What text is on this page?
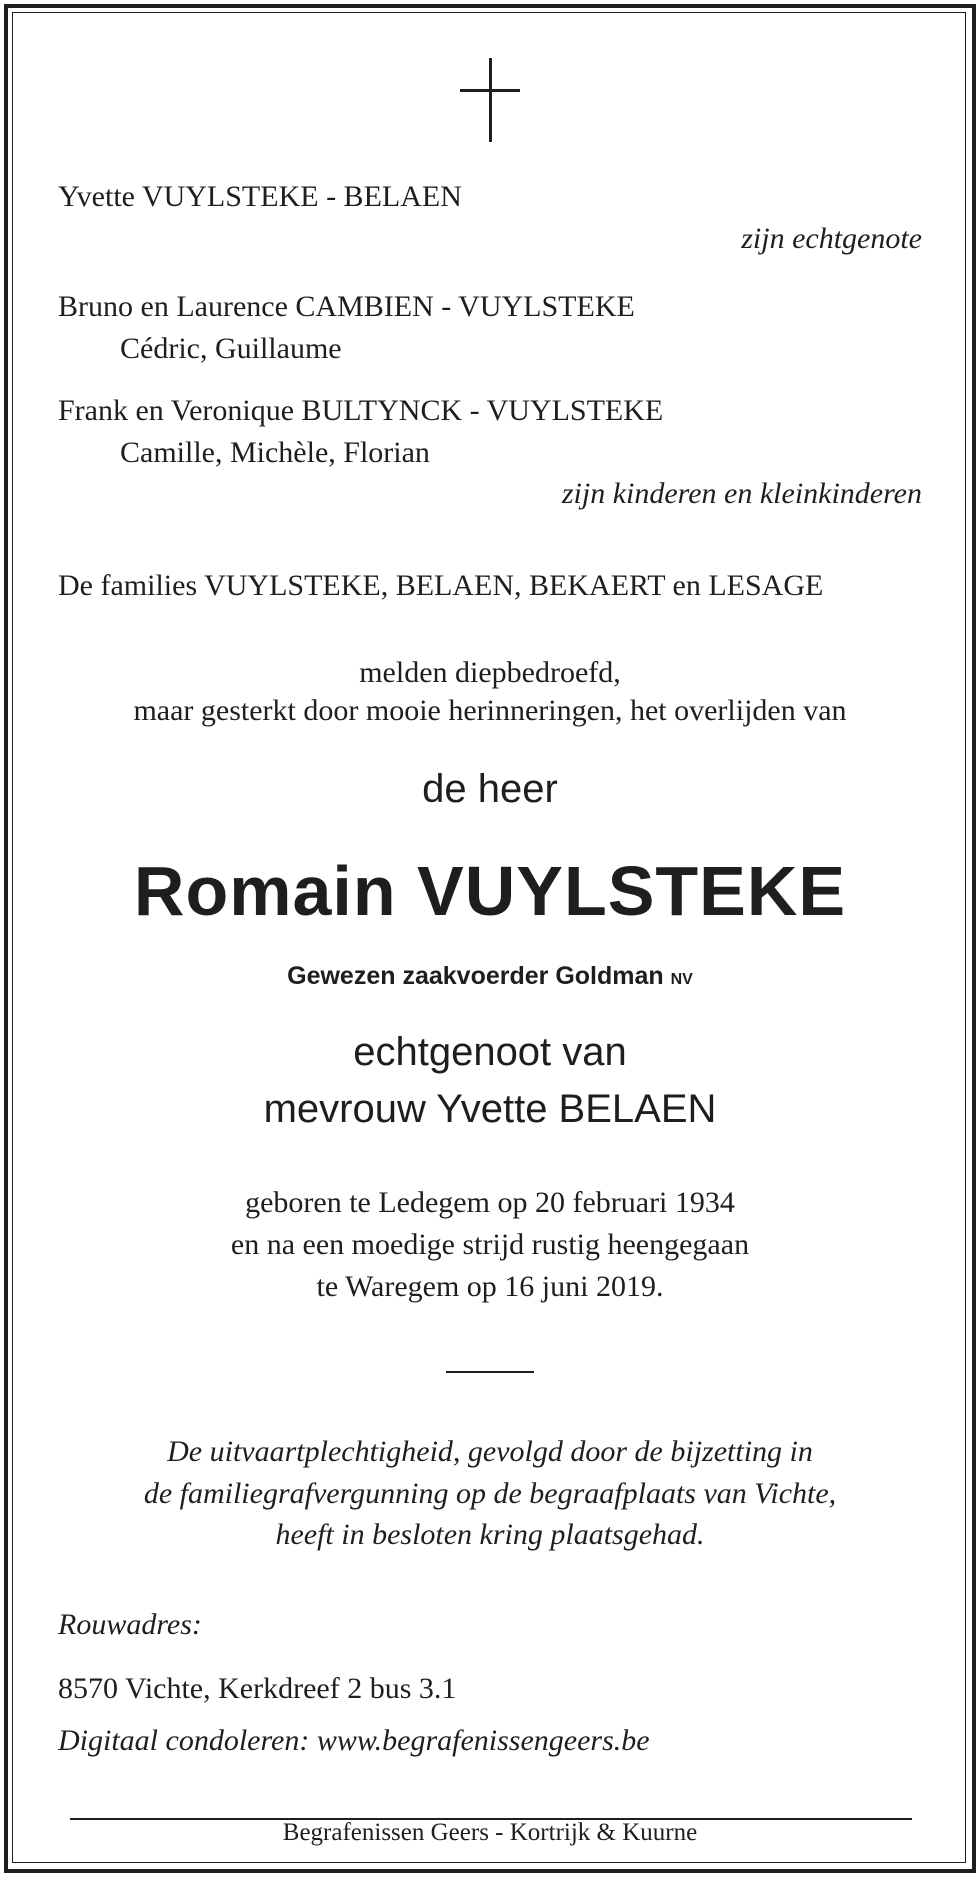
Yvette VUYLSTEKE - BELAEN
zijn echtgenote
Bruno en Laurence CAMBIEN - VUYLSTEKE
Cédric, Guillaume
Frank en Veronique BULTYNCK - VUYLSTEKE
Camille, Michèle, Florian
zijn kinderen en kleinkinderen
De families VUYLSTEKE, BELAEN, BEKAERT en LESAGE
melden diepbedroefd,
maar gesterkt door mooie herinneringen, het overlijden van
de heer
Romain VUYLSTEKE
Gewezen zaakvoerder Goldman NV
echtgenoot van
mevrouw Yvette BELAEN
geboren te Ledegem op 20 februari 1934
en na een moedige strijd rustig heengegaan
te Waregem op 16 juni 2019.
De uitvaartplechtigheid, gevolgd door de bijzetting in
de familiegrafvergunning op de begraafplaats van Vichte,
heeft in besloten kring plaatsgehad.
Rouwadres:
8570 Vichte, Kerkdreef 2 bus 3.1
Digitaal condoleren: www.begrafenissengeers.be
Begrafenissen Geers - Kortrijk & Kuurne
